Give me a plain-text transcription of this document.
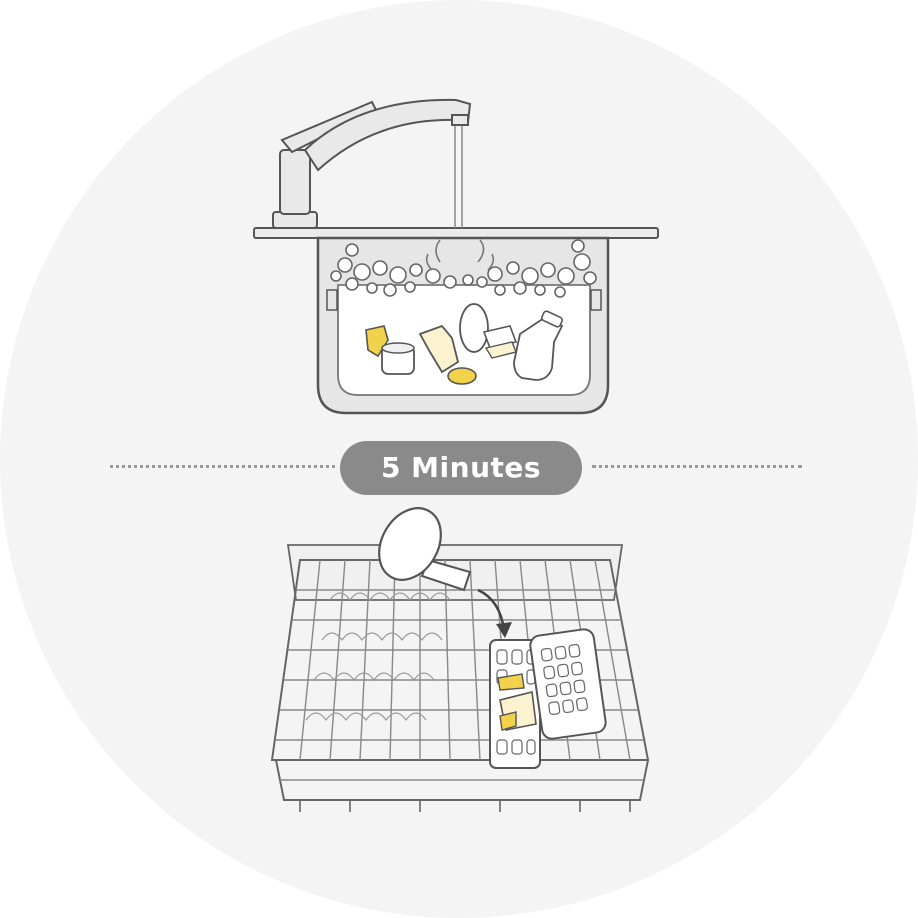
5 Minutes
